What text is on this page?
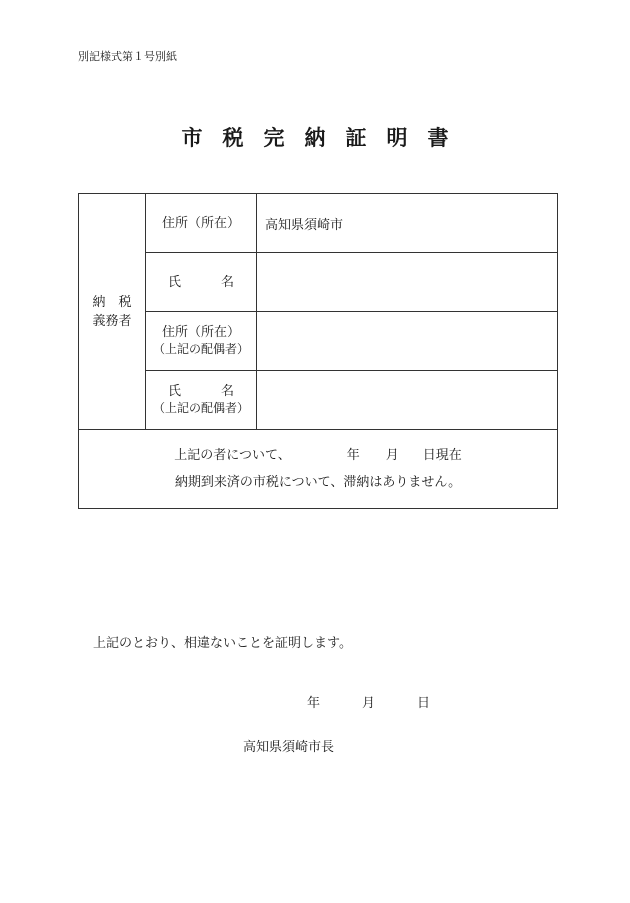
別記様式第１号別紙
市税完納証明書
納　税
義務者	住所（所在）	高知県須崎市

	氏 名	

	住所（所在）
（上記の配偶者）	

	氏 名
（上記の配偶者）	

上記の者について、 年 月 日現在
納期到来済の市税について、滞納はありません。		
上記のとおり、相違ないことを証明します。
年	月	日
高知県須崎市長
